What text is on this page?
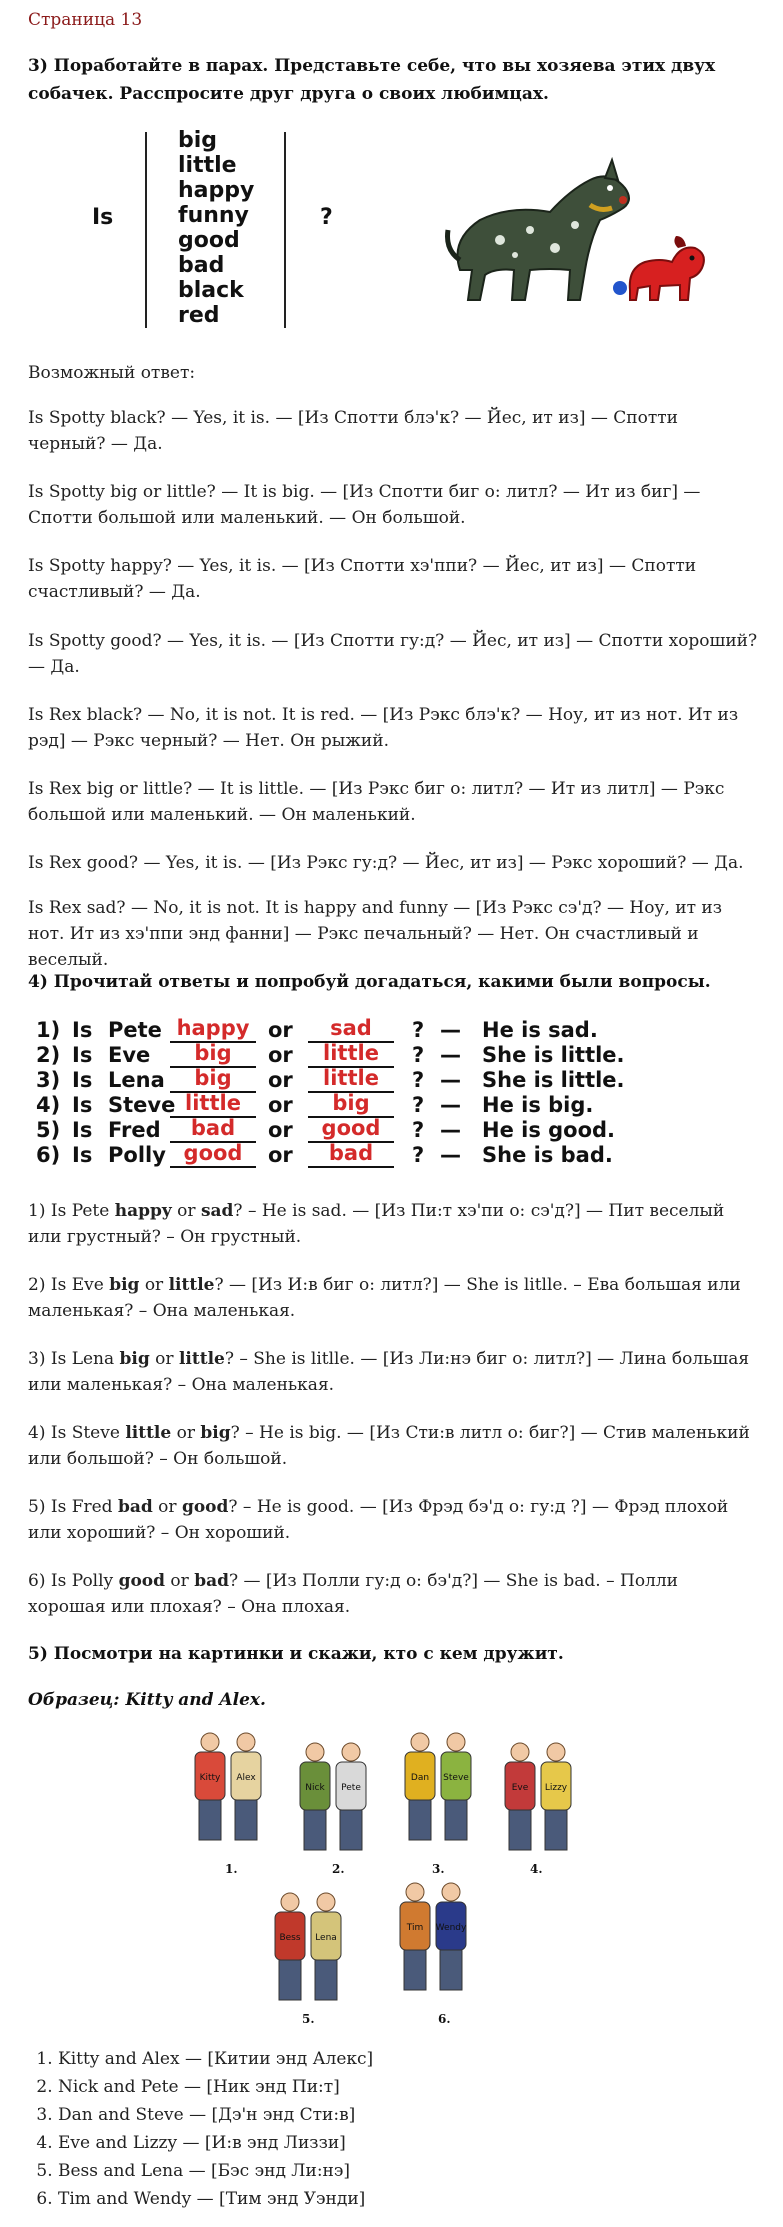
Страница 13
3) Поработайте в парах. Представьте себе, что вы хозяева этих двух собачек. Расспросите друг друга о своих любимцах.
Is
big
little
happy
funny
good
bad
black
red
?
Возможный ответ:
Is Spotty black? — Yes, it is. — [Из Спотти блэ'к? — Йес, ит из] — Спотти черный? — Да.
Is Spotty big or little? — It is big. — [Из Спотти биг о: литл? — Ит из биг] — Спотти большой или маленький. — Он большой.
Is Spotty happy? — Yes, it is. — [Из Спотти хэ'ппи? — Йес, ит из] — Спотти счастливый? — Да.
Is Spotty good? — Yes, it is. — [Из Спотти гу:д? — Йес, ит из] — Спотти хороший? — Да.
Is Rex black? — No, it is not. It is red. — [Из Рэкс блэ'к? — Ноу, ит из нот. Ит из рэд] — Рэкс черный? — Нет. Он рыжий.
Is Rex big or little? — It is little. — [Из Рэкс биг о: литл? — Ит из литл] — Рэкс большой или маленький. — Он маленький.
Is Rex good? — Yes, it is. — [Из Рэкс гу:д? — Йес, ит из] — Рэкс хороший? — Да.
Is Rex sad? — No, it is not. It is happy and funny — [Из Рэкс сэ'д? — Ноу, ит из нот. Ит из хэ'ппи энд фанни] — Рэкс печальный? — Нет. Он счастливый и веселый.
4) Прочитай ответы и попробуй догадаться, какими были вопросы.
1) Is Pete happy or	sad	? — He is sad.
2) Is Eve	big	or	little	? — She is little.
3) Is Lena	big	or	little	? — She is little.
4) Is Steve little	or	big	? — He is big.
5) Is Fred	bad	or	good	? — He is good.
6) Is Polly good	or	bad	? — She is bad.
1) Is Pete happy or sad? – He is sad. — [Из Пи:т хэ'пи о: сэ'д?] — Пит веселый или грустный? – Он грустный.
2) Is Eve big or little? — [Из И:в биг о: литл?] — She is litlle. – Ева большая или маленькая? – Она маленькая.
3) Is Lena big or little? – She is litlle. — [Из Ли:нэ биг о: литл?] — Лина большая или маленькая? – Она маленькая.
4) Is Steve little or big? – He is big. — [Из Сти:в литл о: биг?] — Стив маленький или большой? – Он большой.
5) Is Fred bad or good? – He is good. — [Из Фрэд бэ'д о: гу:д ?] — Фрэд плохой или хороший? – Он хороший.
6) Is Polly good or bad? — [Из Полли гу:д о: бэ'д?] — She is bad. – Полли хорошая или плохая? – Она плохая.
5) Посмотри на картинки и скажи, кто с кем дружит.
Образец: Kitty and Alex.
Kitty Alex
Nick Pete
Dan Steve
Eve Lizzy
Bess Lena
Tim Wendy
1.	2.	3.	4.
5.	6.
1. Kitty and Alex — [Китии энд Алекс]
2. Nick and Pete — [Ник энд Пи:т]
3. Dan and Steve — [Дэ'н энд Сти:в]
4. Eve and Lizzy — [И:в энд Лиззи]
5. Bess and Lena — [Бэс энд Ли:нэ]
6. Tim and Wendy — [Тим энд Уэнди]
